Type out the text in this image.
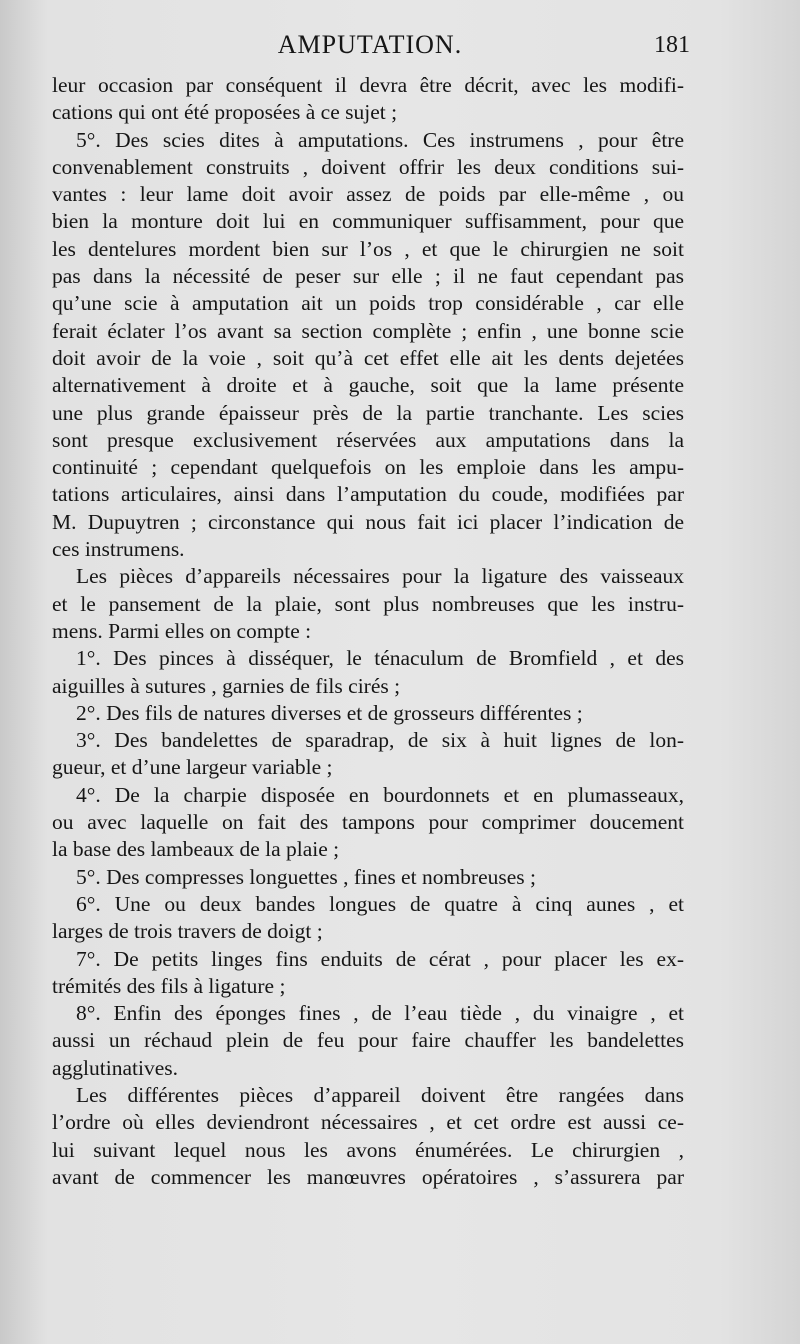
AMPUTATION.	181
leur occasion par conséquent il devra être décrit, avec les modifi-
cations qui ont été proposées à ce sujet ;
5°. Des scies dites à amputations. Ces instrumens , pour être
convenablement construits , doivent offrir les deux conditions sui-
vantes : leur lame doit avoir assez de poids par elle-même , ou
bien la monture doit lui en communiquer suffisamment, pour que
les dentelures mordent bien sur l’os , et que le chirurgien ne soit
pas dans la nécessité de peser sur elle ; il ne faut cependant pas
qu’une scie à amputation ait un poids trop considérable , car elle
ferait éclater l’os avant sa section complète ; enfin , une bonne scie
doit avoir de la voie , soit qu’à cet effet elle ait les dents dejetées
alternativement à droite et à gauche, soit que la lame présente
une plus grande épaisseur près de la partie tranchante. Les scies
sont presque exclusivement réservées aux amputations dans la
continuité ; cependant quelquefois on les emploie dans les ampu-
tations articulaires, ainsi dans l’amputation du coude, modifiées par
M. Dupuytren ; circonstance qui nous fait ici placer l’indication de
ces instrumens.
Les pièces d’appareils nécessaires pour la ligature des vaisseaux
et le pansement de la plaie, sont plus nombreuses que les instru-
mens. Parmi elles on compte :
1°. Des pinces à disséquer, le ténaculum de Bromfield , et des
aiguilles à sutures , garnies de fils cirés ;
2°. Des fils de natures diverses et de grosseurs différentes ;
3°. Des bandelettes de sparadrap, de six à huit lignes de lon-
gueur, et d’une largeur variable ;
4°. De la charpie disposée en bourdonnets et en plumasseaux,
ou avec laquelle on fait des tampons pour comprimer doucement
la base des lambeaux de la plaie ;
5°. Des compresses longuettes , fines et nombreuses ;
6°. Une ou deux bandes longues de quatre à cinq aunes , et
larges de trois travers de doigt ;
7°. De petits linges fins enduits de cérat , pour placer les ex-
trémités des fils à ligature ;
8°. Enfin des éponges fines , de l’eau tiède , du vinaigre , et
aussi un réchaud plein de feu pour faire chauffer les bandelettes
agglutinatives.
Les différentes pièces d’appareil doivent être rangées dans
l’ordre où elles deviendront nécessaires , et cet ordre est aussi ce-
lui suivant lequel nous les avons énumérées. Le chirurgien ,
avant de commencer les manœuvres opératoires , s’assurera par
